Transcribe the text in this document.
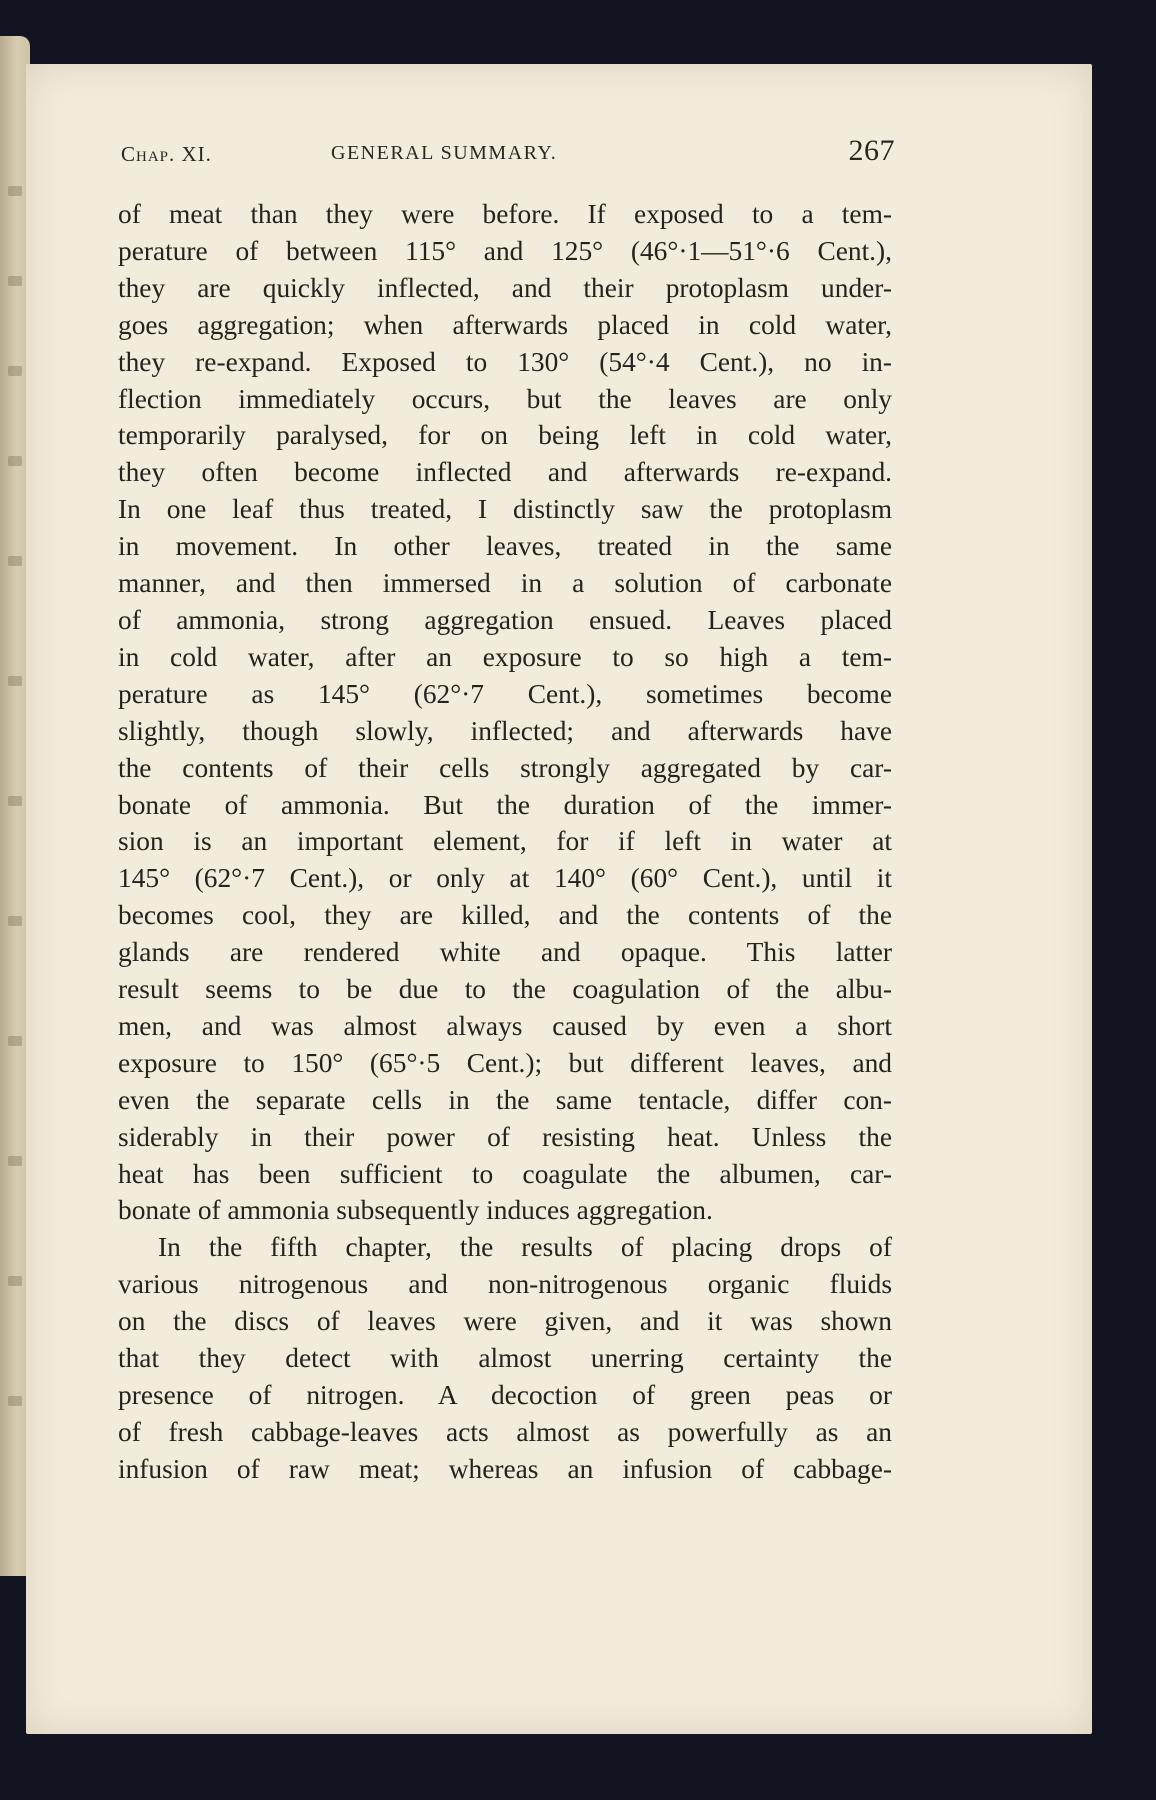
Chap. XI.	GENERAL SUMMARY.	267
of meat than they were before. If exposed to a tem-
perature of between 115° and 125° (46°·1—51°·6 Cent.),
they are quickly inflected, and their protoplasm under-
goes aggregation; when afterwards placed in cold water,
they re-expand. Exposed to 130° (54°·4 Cent.), no in-
flection immediately occurs, but the leaves are only
temporarily paralysed, for on being left in cold water,
they often become inflected and afterwards re-expand.
In one leaf thus treated, I distinctly saw the protoplasm
in movement. In other leaves, treated in the same
manner, and then immersed in a solution of carbonate
of ammonia, strong aggregation ensued. Leaves placed
in cold water, after an exposure to so high a tem-
perature as 145° (62°·7 Cent.), sometimes become
slightly, though slowly, inflected; and afterwards have
the contents of their cells strongly aggregated by car-
bonate of ammonia. But the duration of the immer-
sion is an important element, for if left in water at
145° (62°·7 Cent.), or only at 140° (60° Cent.), until it
becomes cool, they are killed, and the contents of the
glands are rendered white and opaque. This latter
result seems to be due to the coagulation of the albu-
men, and was almost always caused by even a short
exposure to 150° (65°·5 Cent.); but different leaves, and
even the separate cells in the same tentacle, differ con-
siderably in their power of resisting heat. Unless the
heat has been sufficient to coagulate the albumen, car-
bonate of ammonia subsequently induces aggregation.
In the fifth chapter, the results of placing drops of
various nitrogenous and non-nitrogenous organic fluids
on the discs of leaves were given, and it was shown
that they detect with almost unerring certainty the
presence of nitrogen. A decoction of green peas or
of fresh cabbage-leaves acts almost as powerfully as an
infusion of raw meat; whereas an infusion of cabbage-
